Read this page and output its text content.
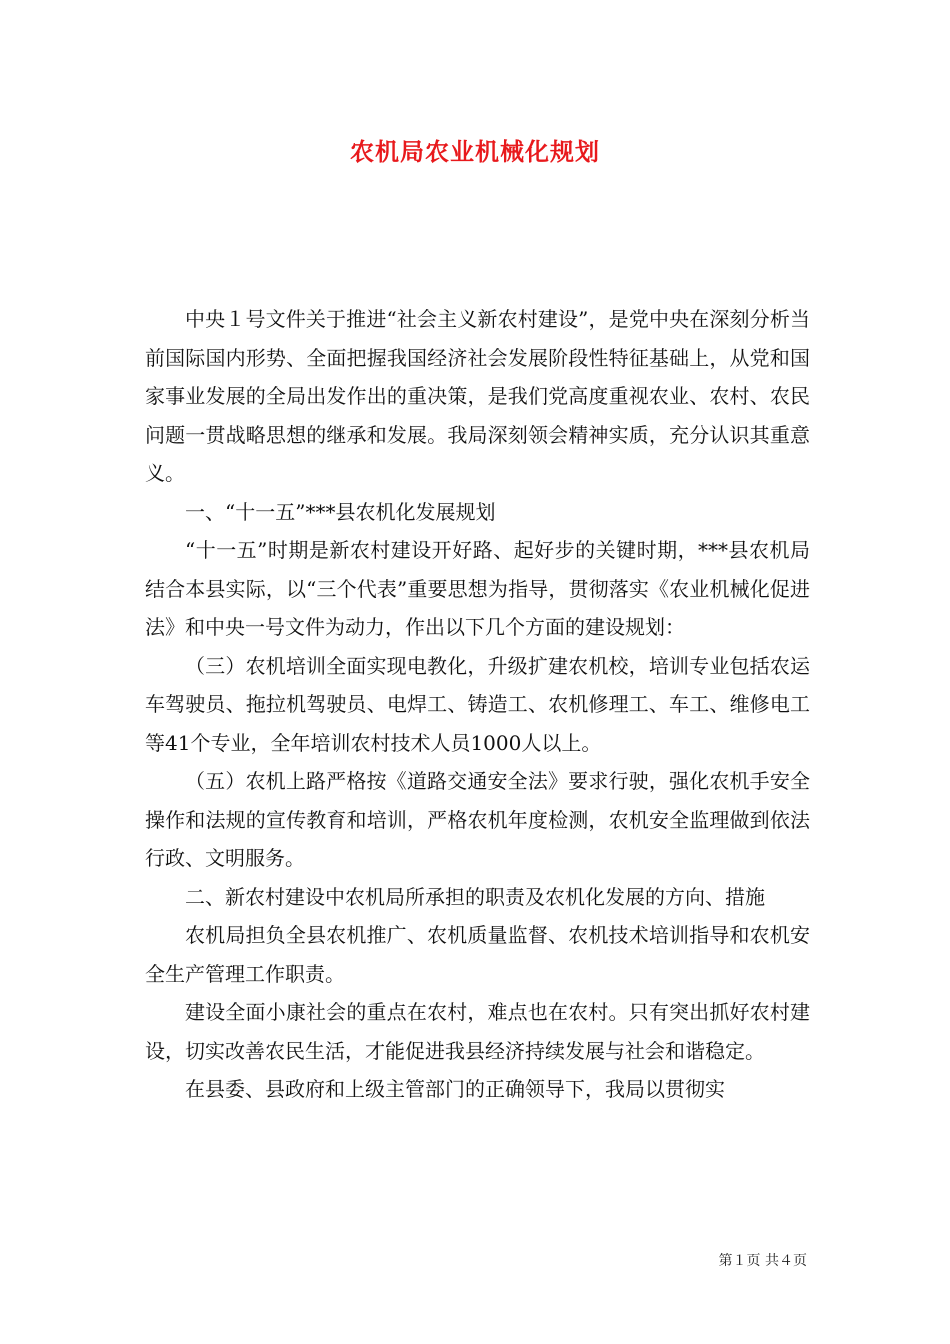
农机局农业机械化规划

中央１号文件关于推进“社会主义新农村建设”，是党中央在深刻分析当前国际国内形势、全面把握我国经济社会发展阶段性特征基础上，从党和国家事业发展的全局出发作出的重决策，是我们党高度重视农业、农村、农民问题一贯战略思想的继承和发展。我局深刻领会精神实质，充分认识其重意义。

一、“十一五”***县农机化发展规划

“十一五”时期是新农村建设开好路、起好步的关键时期，***县农机局结合本县实际，以“三个代表”重要思想为指导，贯彻落实《农业机械化促进法》和中央一号文件为动力，作出以下几个方面的建设规划：

（三）农机培训全面实现电教化，升级扩建农机校，培训专业包括农运车驾驶员、拖拉机驾驶员、电焊工、铸造工、农机修理工、车工、维修电工等41个专业，全年培训农村技术人员1000人以上。

（五）农机上路严格按《道路交通安全法》要求行驶，强化农机手安全操作和法规的宣传教育和培训，严格农机年度检测，农机安全监理做到依法行政、文明服务。

二、新农村建设中农机局所承担的职责及农机化发展的方向、措施

农机局担负全县农机推广、农机质量监督、农机技术培训指导和农机安全生产管理工作职责。

建设全面小康社会的重点在农村，难点也在农村。只有突出抓好农村建设，切实改善农民生活，才能促进我县经济持续发展与社会和谐稳定。

在县委、县政府和上级主管部门的正确领导下，我局以贯彻实

第１页 共４页
